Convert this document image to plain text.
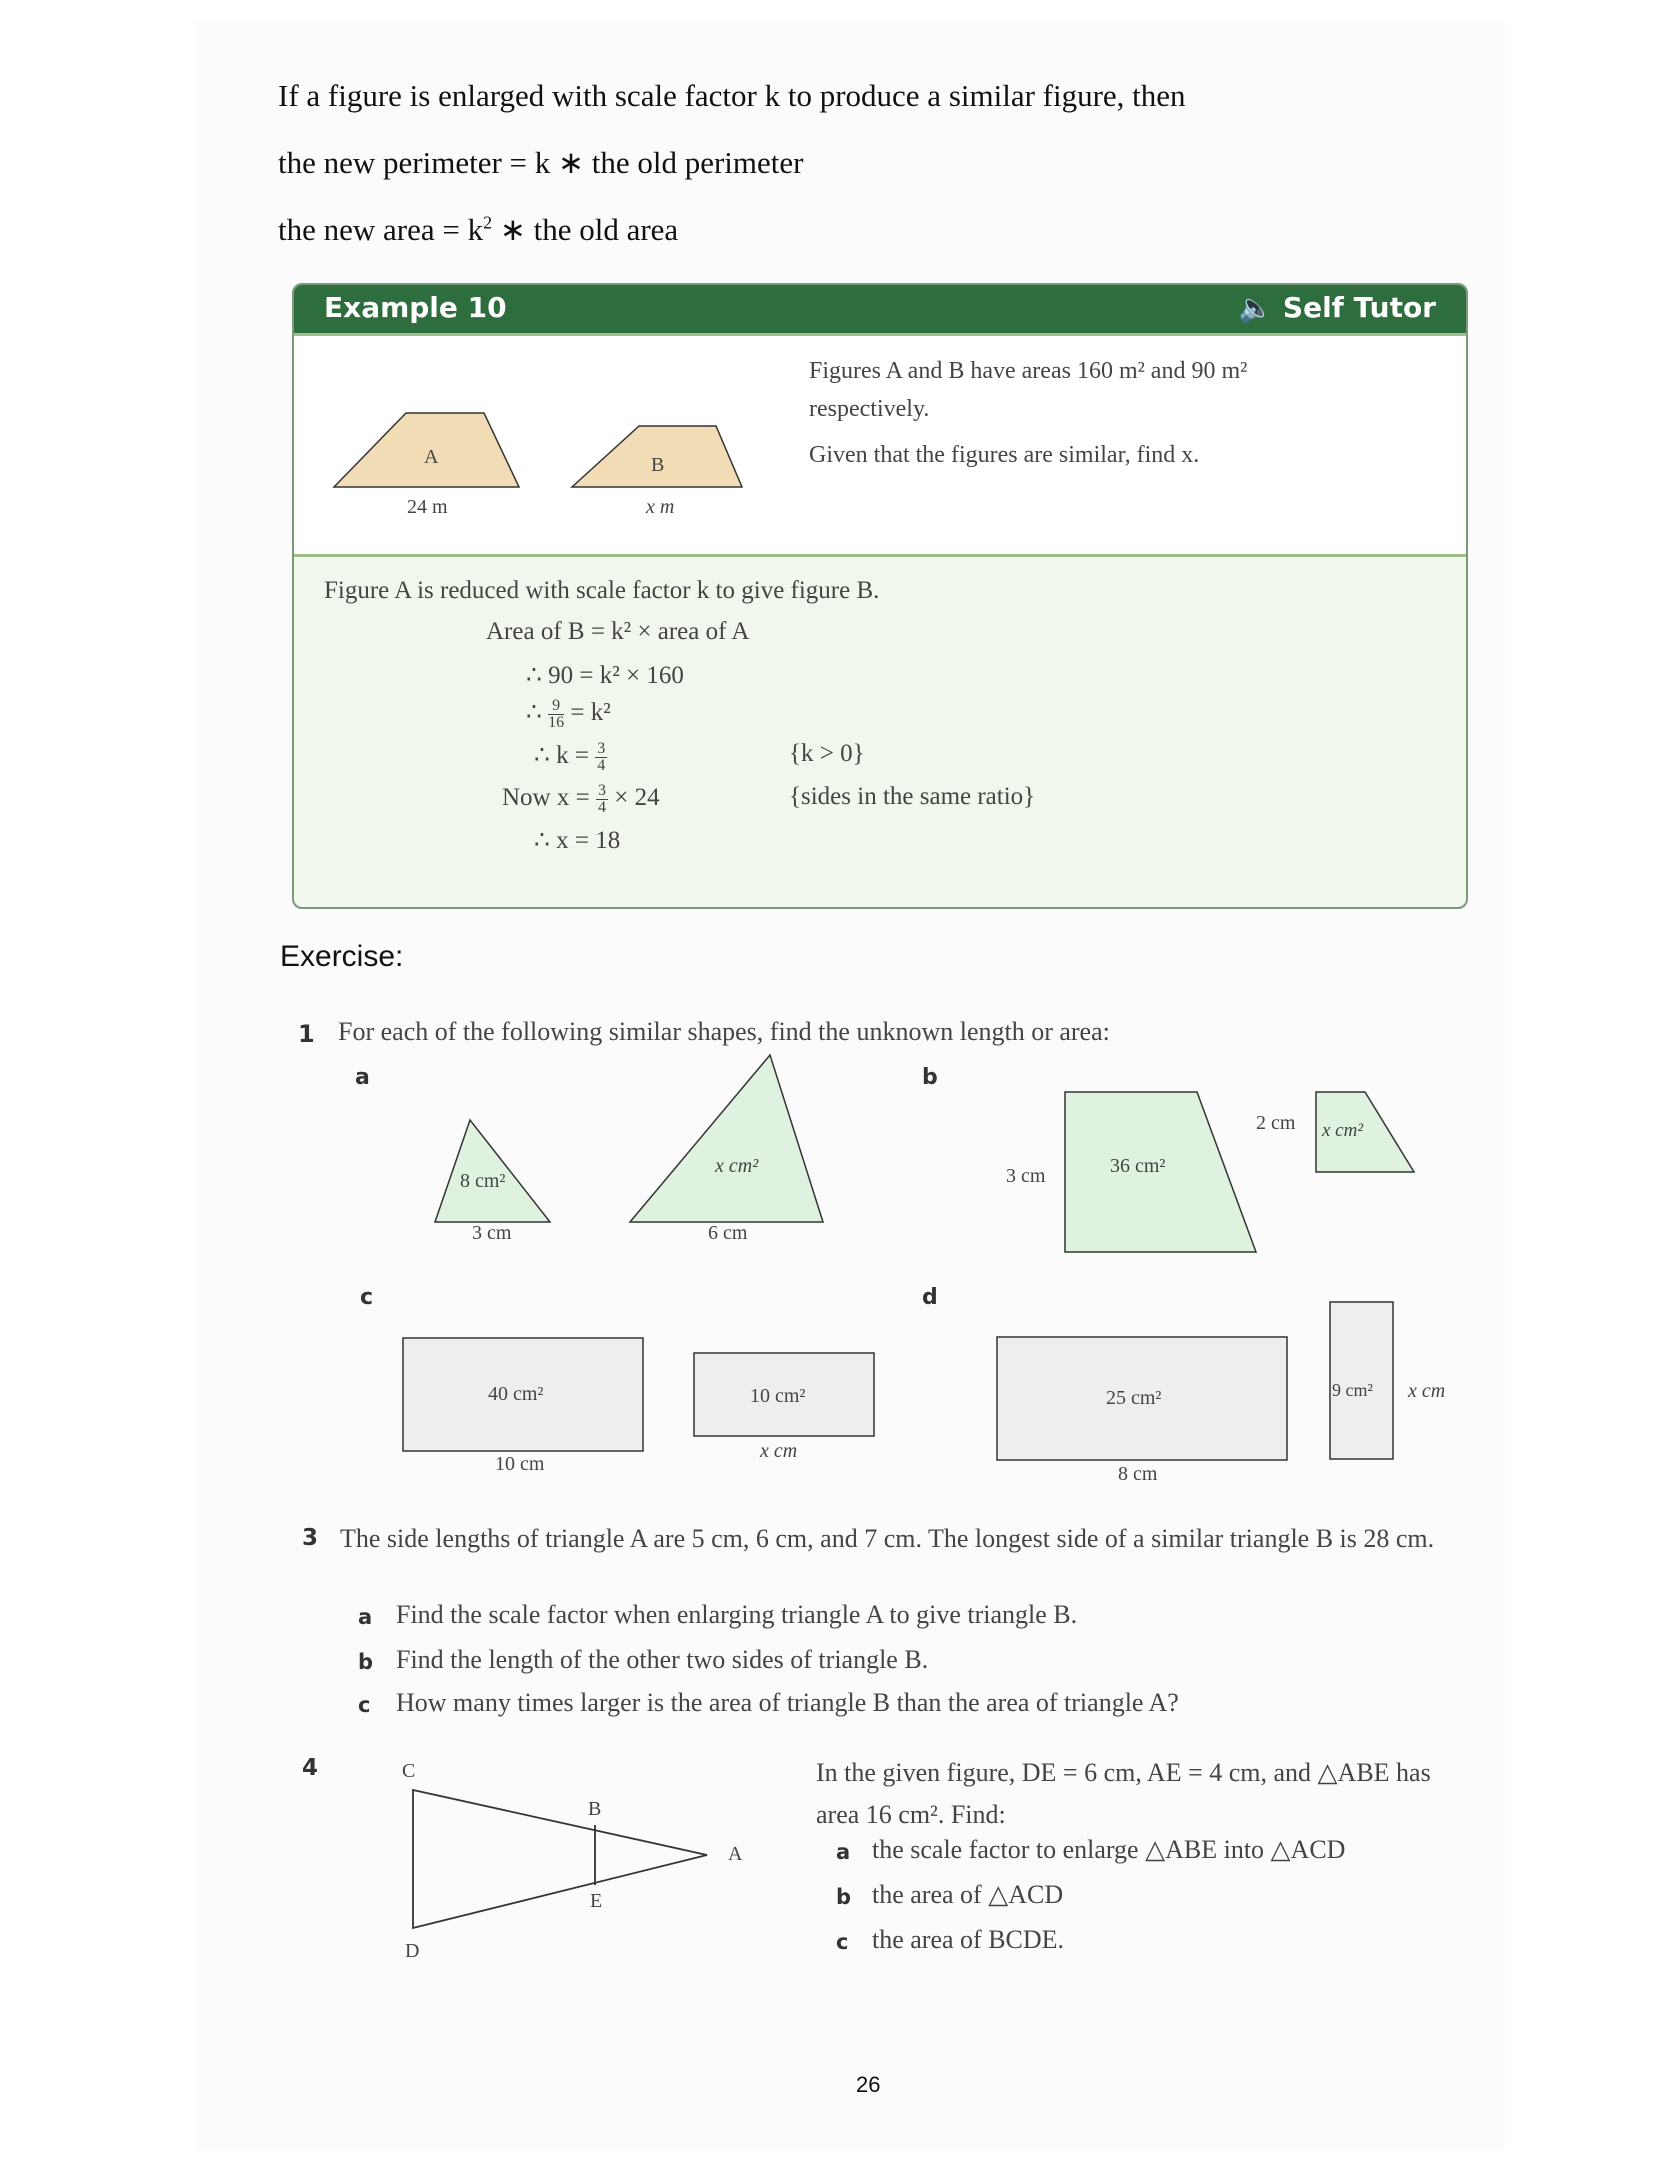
If a figure is enlarged with scale factor k to produce a similar figure, then
the new perimeter = k ∗ the old perimeter
the new area = $k^2$ ∗ the old area
Example 10	🔈 Self Tutor
A
24 m
B
x m
Figures A and B have areas 160 m² and 90 m² respectively.
Given that the figures are similar, find x.
Figure A is reduced with scale factor k to give figure B.
Area of B = k² × area of A
∴ 90 = k² × 160
∴ $\frac{9}{16} = k^2$
∴ $k = \frac{3}{4}$	{k > 0}
Now $x = \frac{3}{4} \times 24$	{sides in the same ratio}
∴ x = 18
Exercise:
1 For each of the following similar shapes, find the unknown length or area:
a	b
8 cm²
3 cm
x cm²
6 cm
3 cm	36 cm²
2 cm x cm²
c
40 cm²
10 cm
10 cm²
x cm
d
25 cm²
8 cm
9 cm² x cm
3 The side lengths of triangle A are 5 cm, 6 cm, and 7 cm. The longest side of a similar triangle B is 28 cm.
a Find the scale factor when enlarging triangle A to give triangle B.
b Find the length of the other two sides of triangle B.
c How many times larger is the area of triangle B than the area of triangle A?
4	C
B
A
E
D
In the given figure, DE = 6 cm, AE = 4 cm, and △ABE has area 16 cm². Find:
a the scale factor to enlarge △ABE into △ACD
b the area of △ACD
c the area of BCDE.
26
